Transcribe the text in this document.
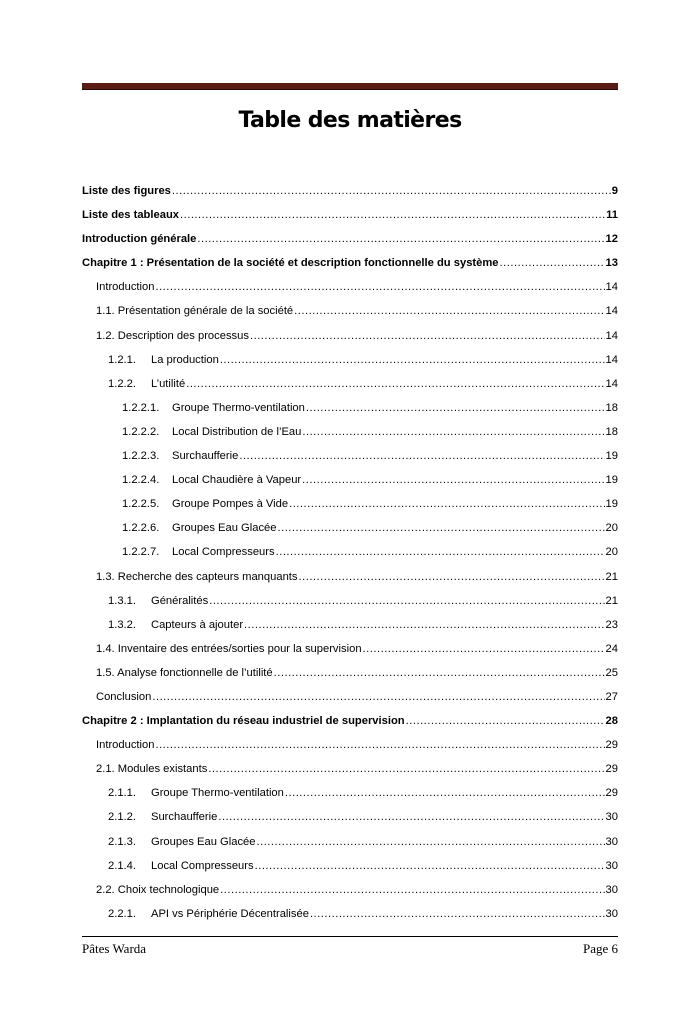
Table des matières
Liste des figures .....	9
Liste des tableaux .....	11
Introduction générale .....	12
Chapitre 1 : Présentation de la société et description fonctionnelle du système .....	13
Introduction .....	14
1.1. Présentation générale de la société .....	14
1.2. Description des processus .....	14
1.2.1.	La production .....	14
1.2.2.	L’utilité .....	14
1.2.2.1.	Groupe Thermo-ventilation .....	18
1.2.2.2.	Local Distribution de l’Eau .....	18
1.2.2.3.	Surchaufferie .....	19
1.2.2.4.	Local Chaudière à Vapeur .....	19
1.2.2.5.	Groupe Pompes à Vide .....	19
1.2.2.6.	Groupes Eau Glacée .....	20
1.2.2.7.	Local Compresseurs .....	20
1.3. Recherche des capteurs manquants .....	21
1.3.1.	Généralités .....	21
1.3.2.	Capteurs à ajouter .....	23
1.4. Inventaire des entrées/sorties pour la supervision .....	24
1.5. Analyse fonctionnelle de l’utilité .....	25
Conclusion .....	27
Chapitre 2 : Implantation du réseau industriel de supervision .....	28
Introduction .....	29
2.1. Modules existants .....	29
2.1.1.	Groupe Thermo-ventilation .....	29
2.1.2.	Surchaufferie .....	30
2.1.3.	Groupes Eau Glacée .....	30
2.1.4.	Local Compresseurs .....	30
2.2. Choix technologique .....	30
2.2.1.	API vs Périphérie Décentralisée .....	30
Pâtes Warda	Page 6
